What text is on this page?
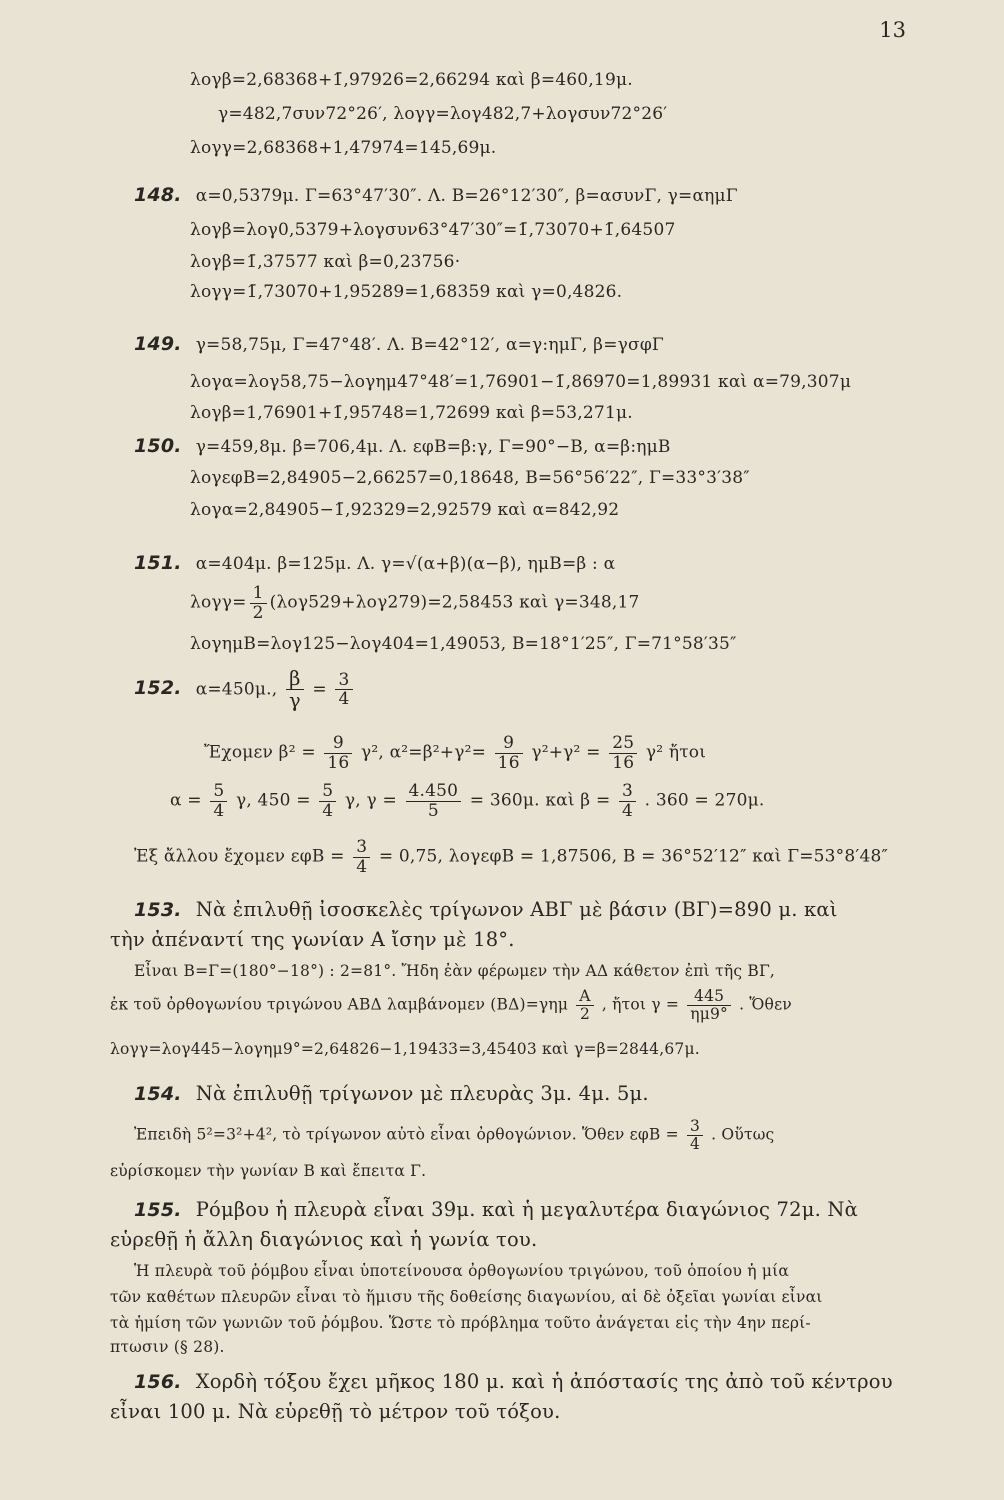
13
λογβ=2,68368+1̄,97926=2,66294 καὶ β=460,19μ.
γ=482,7συν72°26′, λογγ=λογ482,7+λογσυν72°26′
λογγ=2,68368+1,47974=145,69μ.
148. α=0,5379μ. Γ=63°47′30″. Λ. Β=26°12′30″, β=ασυνΓ, γ=αημΓ
λογβ=λογ0,5379+λογσυν63°47′30″=1̄,73070+1̄,64507
λογβ=1̄,37577 καὶ β=0,23756·
λογγ=1̄,73070+1,95289=1,68359 καὶ γ=0,4826.
149. γ=58,75μ, Γ=47°48′. Λ. Β=42°12′, α=γ:ημΓ, β=γσφΓ
λογα=λογ58,75−λογημ47°48′=1,76901−1̄,86970=1,89931 καὶ α=79,307μ
λογβ=1,76901+1̄,95748=1,72699 καὶ β=53,271μ.
150. γ=459,8μ. β=706,4μ. Λ. εφΒ=β:γ, Γ=90°−Β, α=β:ημΒ
λογεφΒ=2,84905−2,66257=0,18648, Β=56°56′22″, Γ=33°3′38″
λογα=2,84905−1̄,92329=2,92579 καὶ α=842,92
151. α=404μ. β=125μ. Λ. γ=√(α+β)(α−β), ημΒ=β : α
$\lambda o\gamma\gamma= \frac{1}{2} (\lambda o\gamma 529+\lambda o\gamma 279)=2,58453$ καὶ γ=348,17
λογημΒ=λογ125−λογ404=1,49053, Β=18°1′25″, Γ=71°58′35″
152. α=450μ., $\frac{\beta}{\gamma} = \frac{3}{4}$
Ἔχομεν $\beta^2 = \frac{9}{16} \gamma^2$, $\alpha^2=\beta^2+\gamma^2= \frac{9}{16} \gamma^2+\gamma^2 = \frac{25}{16} \gamma^2$ ἤτοι
$\alpha = \frac{5}{4} \gamma$, $450 = \frac{5}{4} \gamma$, $\gamma = \frac{4.450}{5} = 360\mu$. καὶ $\beta = \frac{3}{4}$ . 360 = 270μ.
Ἐξ ἄλλου ἔχομεν $\varepsilon\varphi B = \frac{3}{4} = 0,75$, λογεφΒ = 1,87506, Β = 36°52′12″ καὶ Γ=53°8′48″
153. Νὰ ἐπιλυθῇ ἰσοσκελὲς τρίγωνον ΑΒΓ μὲ βάσιν (ΒΓ)=890 μ. καὶ
τὴν ἀπέναντί της γωνίαν Α ἴσην μὲ 18°.
Εἶναι Β=Γ=(180°−18°) : 2=81°. Ἤδη ἐὰν φέρωμεν τὴν ΑΔ κάθετον ἐπὶ τῆς ΒΓ,
ἐκ τοῦ ὀρθογωνίου τριγώνου ΑΒΔ λαμβάνομεν $(B\Delta)=\gamma\eta\mu \frac{A}{2}$ , ἤτοι $\gamma = \frac{445}{\eta\mu 9^\circ}$ . Ὅθεν
λογγ=λογ445−λογημ9°=2,64826−1,19433=3,45403 καὶ γ=β=2844,67μ.
154. Νὰ ἐπιλυθῇ τρίγωνον μὲ πλευρὰς 3μ. 4μ. 5μ.
Ἐπειδὴ 5²=3²+4², τὸ τρίγωνον αὐτὸ εἶναι ὀρθογώνιον. Ὅθεν $\varepsilon\varphi B = \frac{3}{4}$ . Οὕτως
εὑρίσκομεν τὴν γωνίαν Β καὶ ἔπειτα Γ.
155. Ρόμβου ἡ πλευρὰ εἶναι 39μ. καὶ ἡ μεγαλυτέρα διαγώνιος 72μ. Νὰ
εὑρεθῇ ἡ ἄλλη διαγώνιος καὶ ἡ γωνία του.
Ἡ πλευρὰ τοῦ ῥόμβου εἶναι ὑποτείνουσα ὀρθογωνίου τριγώνου, τοῦ ὁποίου ἡ μία
τῶν καθέτων πλευρῶν εἶναι τὸ ἥμισυ τῆς δοθείσης διαγωνίου, αἱ δὲ ὀξεῖαι γωνίαι εἶναι
τὰ ἡμίση τῶν γωνιῶν τοῦ ῥόμβου. Ὥστε τὸ πρόβλημα τοῦτο ἀνάγεται εἰς τὴν 4ην περί-
πτωσιν (§ 28).
156. Χορδὴ τόξου ἔχει μῆκος 180 μ. καὶ ἡ ἀπόστασίς της ἀπὸ τοῦ κέντρου
εἶναι 100 μ. Νὰ εὑρεθῇ τὸ μέτρον τοῦ τόξου.
